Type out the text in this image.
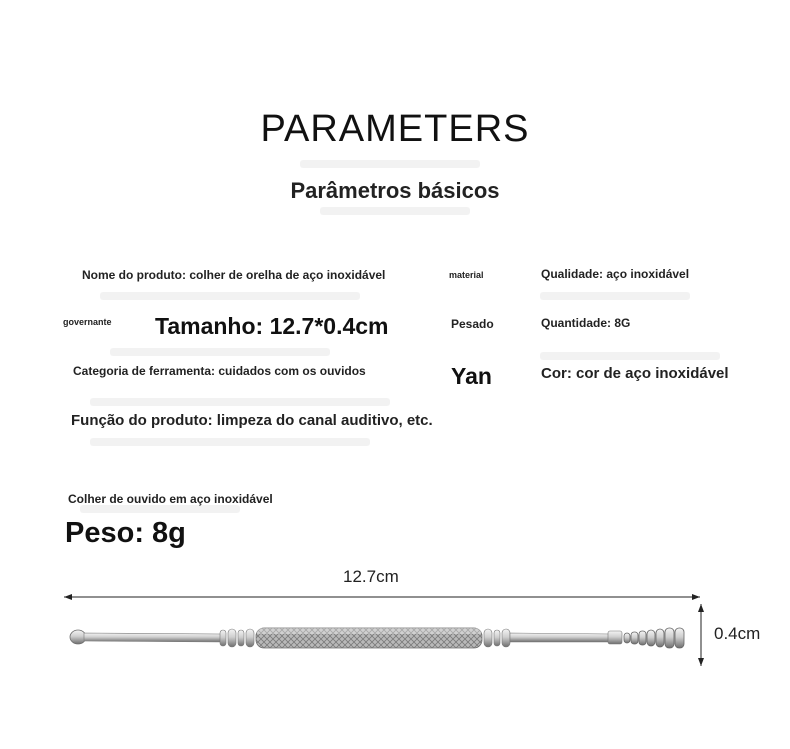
PARAMETERS
Parâmetros básicos
Nome do produto: colher de orelha de aço inoxidável	material	Qualidade: aço inoxidável
governante Tamanho: 12.7*0.4cm	Pesado	Quantidade: 8G
Categoria de ferramenta: cuidados com os ouvidos	Yan	Cor: cor de aço inoxidável
Função do produto: limpeza do canal auditivo, etc.
Colher de ouvido em aço inoxidável
Peso: 8g
12.7cm
0.4cm
